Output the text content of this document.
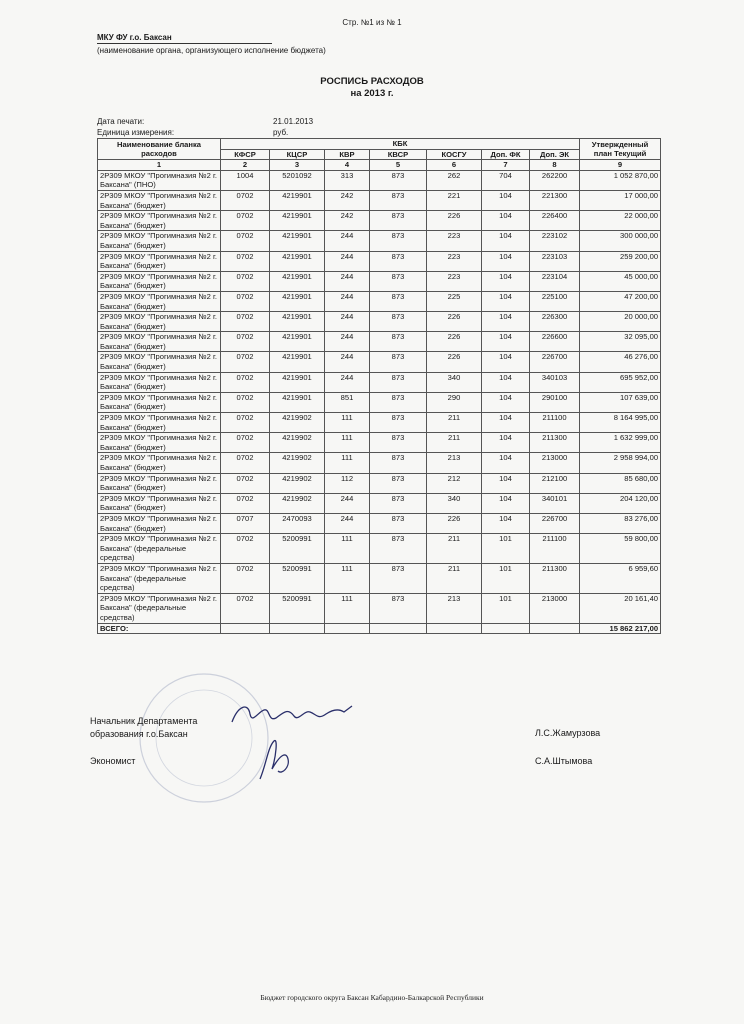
Стр. №1 из № 1
МКУ ФУ г.о. Баксан
(наименование органа, организующего исполнение бюджета)
РОСПИСЬ РАСХОДОВ
на 2013 г.
Дата печати:	21.01.2013
Единица измерения:	руб.
Наименование бланка расходов	КБК							Утвержденный план Текущий
	КФСР	КЦСР	КВР	КВСР	КОСГУ	Доп. ФК	Доп. ЭК	
1	2	3	4	5	6	7	8	9
2Р309 МКОУ "Прогимназия №2 г. Баксана" (ПНО)	1004	5201092	313	873	262	704	262200	1 052 870,00
2Р309 МКОУ "Прогимназия №2 г. Баксана" (бюджет)	0702	4219901	242	873	221	104	221300	17 000,00
2Р309 МКОУ "Прогимназия №2 г. Баксана" (бюджет)	0702	4219901	242	873	226	104	226400	22 000,00
2Р309 МКОУ "Прогимназия №2 г. Баксана" (бюджет)	0702	4219901	244	873	223	104	223102	300 000,00
2Р309 МКОУ "Прогимназия №2 г. Баксана" (бюджет)	0702	4219901	244	873	223	104	223103	259 200,00
2Р309 МКОУ "Прогимназия №2 г. Баксана" (бюджет)	0702	4219901	244	873	223	104	223104	45 000,00
2Р309 МКОУ "Прогимназия №2 г. Баксана" (бюджет)	0702	4219901	244	873	225	104	225100	47 200,00
2Р309 МКОУ "Прогимназия №2 г. Баксана" (бюджет)	0702	4219901	244	873	226	104	226300	20 000,00
2Р309 МКОУ "Прогимназия №2 г. Баксана" (бюджет)	0702	4219901	244	873	226	104	226600	32 095,00
2Р309 МКОУ "Прогимназия №2 г. Баксана" (бюджет)	0702	4219901	244	873	226	104	226700	46 276,00
2Р309 МКОУ "Прогимназия №2 г. Баксана" (бюджет)	0702	4219901	244	873	340	104	340103	695 952,00
2Р309 МКОУ "Прогимназия №2 г. Баксана" (бюджет)	0702	4219901	851	873	290	104	290100	107 639,00
2Р309 МКОУ "Прогимназия №2 г. Баксана" (бюджет)	0702	4219902	111	873	211	104	211100	8 164 995,00
2Р309 МКОУ "Прогимназия №2 г. Баксана" (бюджет)	0702	4219902	111	873	211	104	211300	1 632 999,00
2Р309 МКОУ "Прогимназия №2 г. Баксана" (бюджет)	0702	4219902	111	873	213	104	213000	2 958 994,00
2Р309 МКОУ "Прогимназия №2 г. Баксана" (бюджет)	0702	4219902	112	873	212	104	212100	85 680,00
2Р309 МКОУ "Прогимназия №2 г. Баксана" (бюджет)	0702	4219902	244	873	340	104	340101	204 120,00
2Р309 МКОУ "Прогимназия №2 г. Баксана" (бюджет)	0707	2470093	244	873	226	104	226700	83 276,00
2Р309 МКОУ "Прогимназия №2 г. Баксана" (федеральные средства)	0702	5200991	111	873	211	101	211100	59 800,00
2Р309 МКОУ "Прогимназия №2 г. Баксана" (федеральные средства)	0702	5200991	111	873	211	101	211300	6 959,60
2Р309 МКОУ "Прогимназия №2 г. Баксана" (федеральные средства)	0702	5200991	111	873	213	101	213000	20 161,40
ВСЕГО:								15 862 217,00
Начальник Департамента
образования г.о.Баксан	Л.С.Жамурзова
Экономист	С.А.Штымова
Бюджет городского округа Баксан Кабардино-Балкарской Республики
